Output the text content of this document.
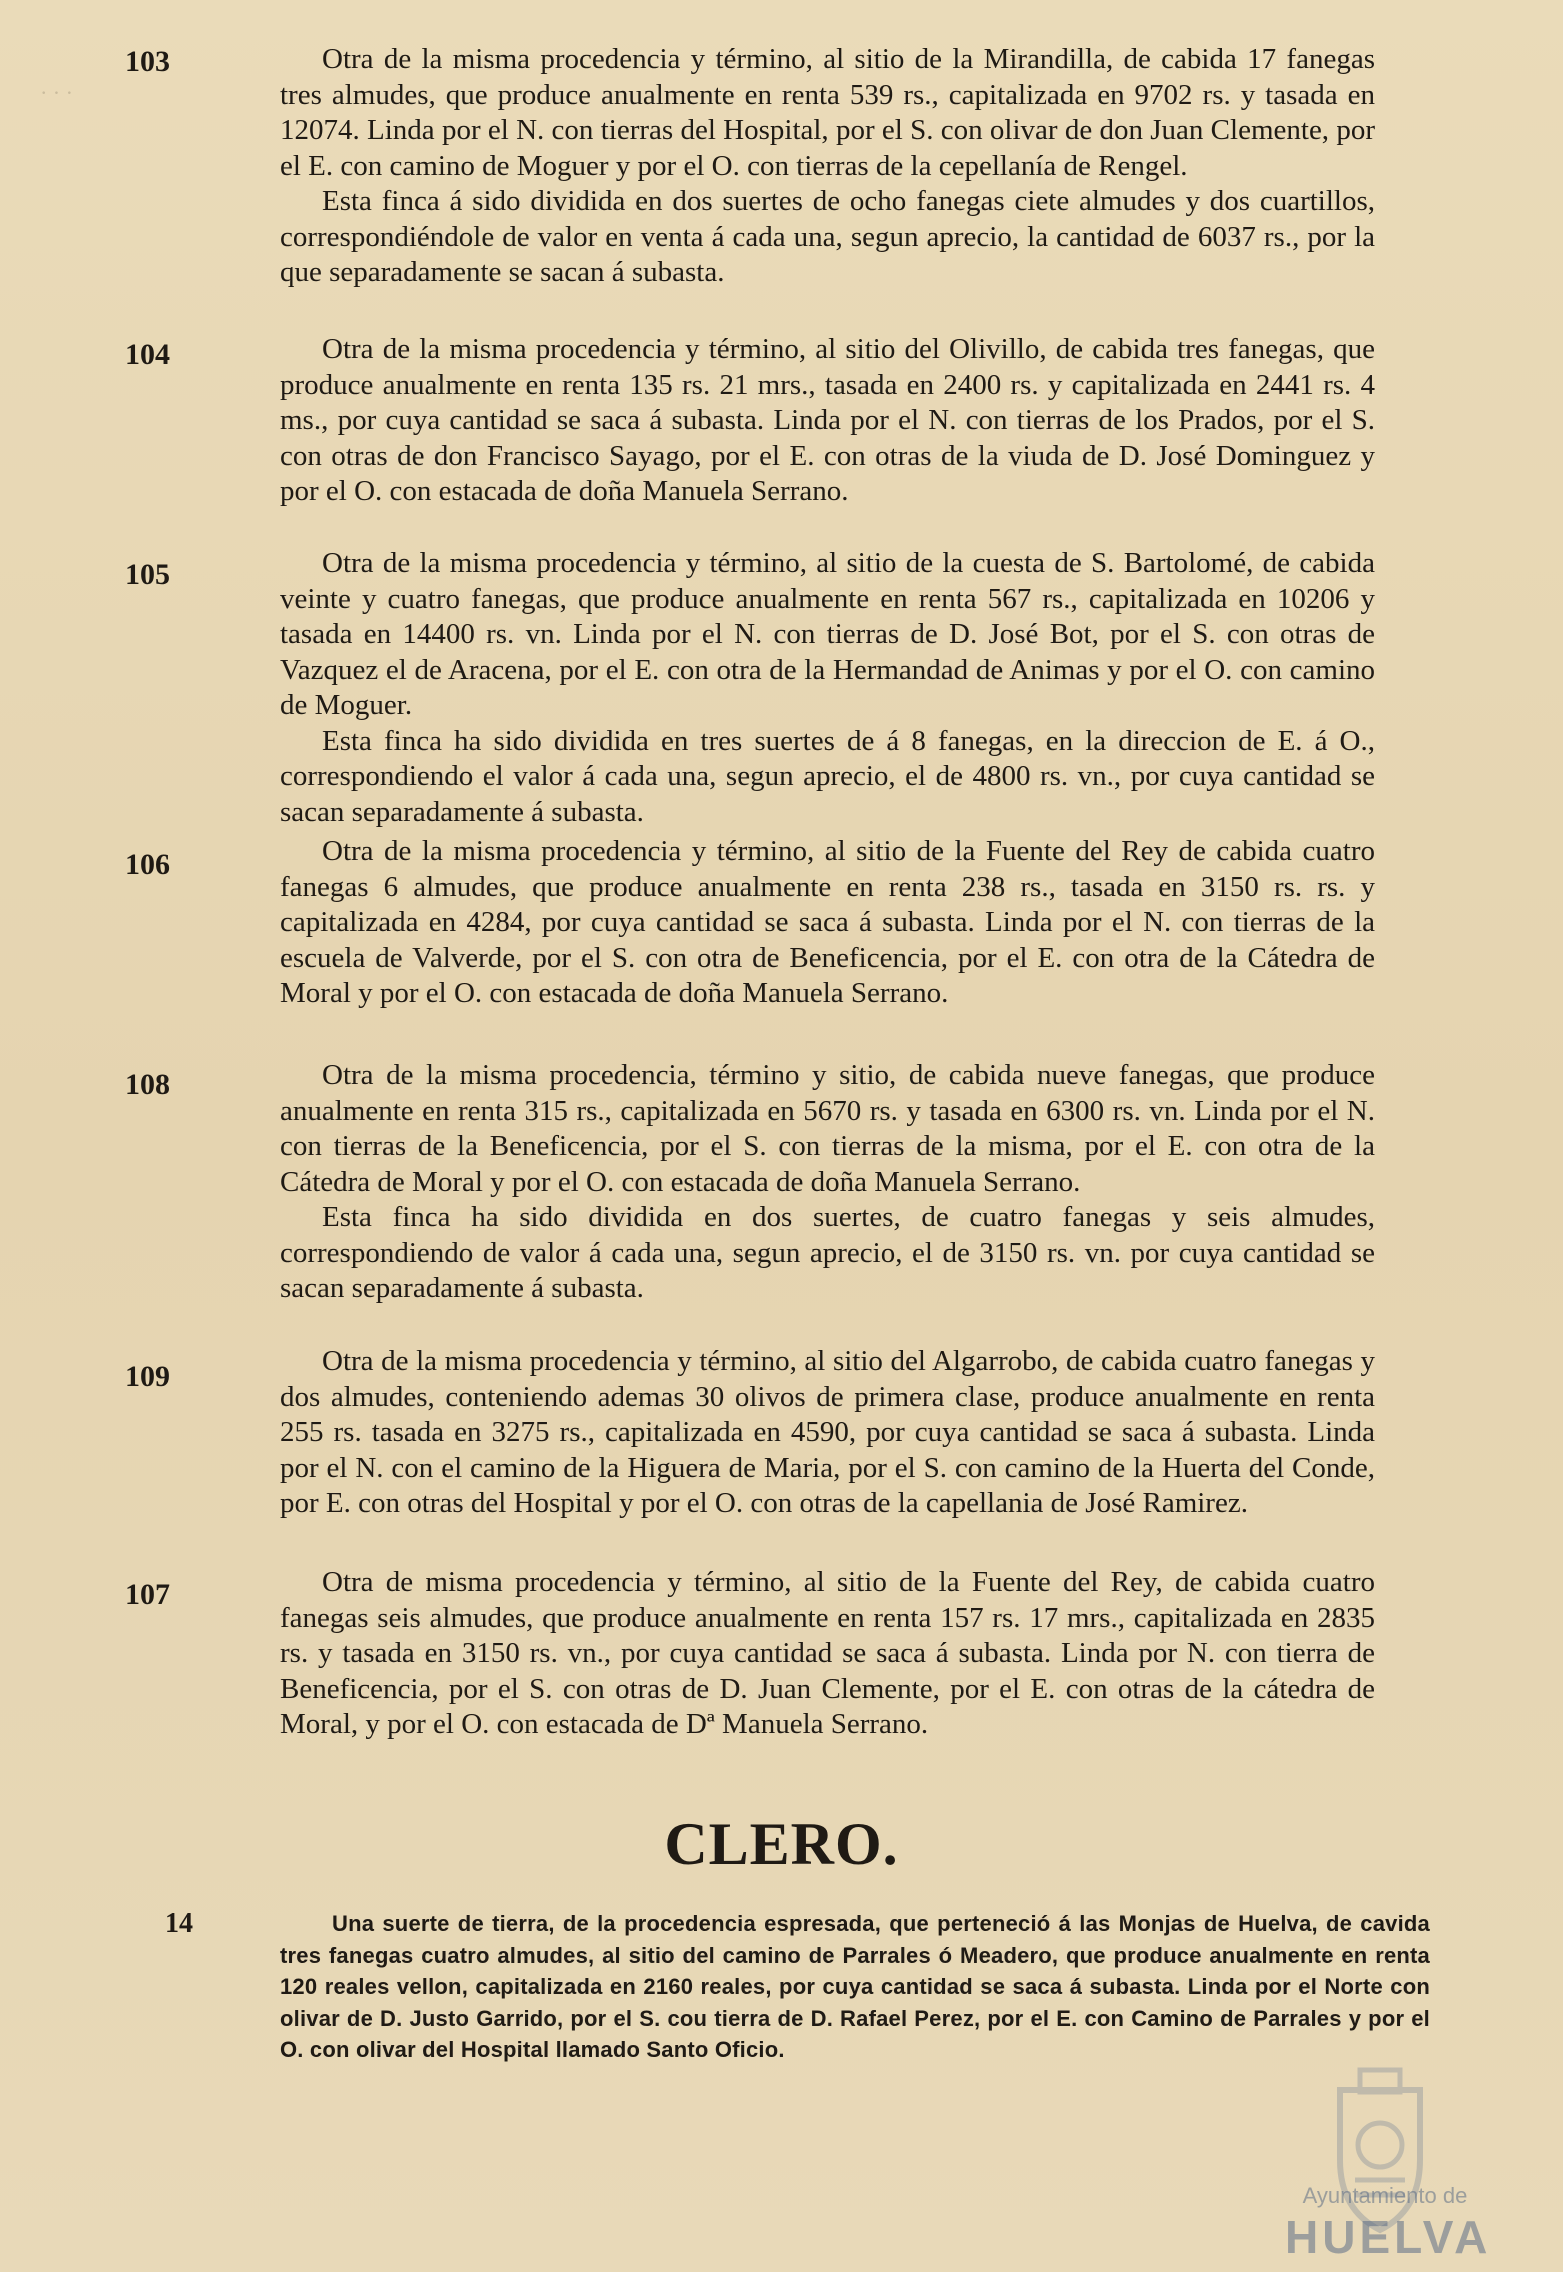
· · ·
103	Otra de la misma procedencia y término, al sitio de la Mirandilla, de cabida 17 fanegas tres almudes, que produce anualmente en renta 539 rs., capitalizada en 9702 rs. y tasada en 12074. Linda por el N. con tierras del Hospital, por el S. con olivar de don Juan Clemente, por el E. con camino de Moguer y por el O. con tierras de la cepellanía de Rengel.

Esta finca á sido dividida en dos suertes de ocho fanegas ciete almudes y dos cuartillos, correspondiéndole de valor en venta á cada una, segun aprecio, la cantidad de 6037 rs., por la que separadamente se sacan á subasta.

104	Otra de la misma procedencia y término, al sitio del Olivillo, de cabida tres fanegas, que produce anualmente en renta 135 rs. 21 mrs., tasada en 2400 rs. y capitalizada en 2441 rs. 4 ms., por cuya cantidad se saca á subasta. Linda por el N. con tierras de los Prados, por el S. con otras de don Francisco Sayago, por el E. con otras de la viuda de D. José Dominguez y por el O. con estacada de doña Manuela Serrano.

105	Otra de la misma procedencia y término, al sitio de la cuesta de S. Bartolomé, de cabida veinte y cuatro fanegas, que produce anualmente en renta 567 rs., capitalizada en 10206 y tasada en 14400 rs. vn. Linda por el N. con tierras de D. José Bot, por el S. con otras de Vazquez el de Aracena, por el E. con otra de la Hermandad de Animas y por el O. con camino de Moguer.

Esta finca ha sido dividida en tres suertes de á 8 fanegas, en la direccion de E. á O., correspondiendo el valor á cada una, segun aprecio, el de 4800 rs. vn., por cuya cantidad se sacan separadamente á subasta.

106	Otra de la misma procedencia y término, al sitio de la Fuente del Rey de cabida cuatro fanegas 6 almudes, que produce anualmente en renta 238 rs., tasada en 3150 rs. rs. y capitalizada en 4284, por cuya cantidad se saca á subasta. Linda por el N. con tierras de la escuela de Valverde, por el S. con otra de Beneficencia, por el E. con otra de la Cátedra de Moral y por el O. con estacada de doña Manuela Serrano.

108	Otra de la misma procedencia, término y sitio, de cabida nueve fanegas, que produce anualmente en renta 315 rs., capitalizada en 5670 rs. y tasada en 6300 rs. vn. Linda por el N. con tierras de la Beneficencia, por el S. con tierras de la misma, por el E. con otra de la Cátedra de Moral y por el O. con estacada de doña Manuela Serrano.

Esta finca ha sido dividida en dos suertes, de cuatro fanegas y seis almudes, correspondiendo de valor á cada una, segun aprecio, el de 3150 rs. vn. por cuya cantidad se sacan separadamente á subasta.

109	Otra de la misma procedencia y término, al sitio del Algarrobo, de cabida cuatro fanegas y dos almudes, conteniendo ademas 30 olivos de primera clase, produce anualmente en renta 255 rs. tasada en 3275 rs., capitalizada en 4590, por cuya cantidad se saca á subasta. Linda por el N. con el camino de la Higuera de Maria, por el S. con camino de la Huerta del Conde, por E. con otras del Hospital y por el O. con otras de la capellania de José Ramirez.

107	Otra de misma procedencia y término, al sitio de la Fuente del Rey, de cabida cuatro fanegas seis almudes, que produce anualmente en renta 157 rs. 17 mrs., capitalizada en 2835 rs. y tasada en 3150 rs. vn., por cuya cantidad se saca á subasta. Linda por N. con tierra de Beneficencia, por el S. con otras de D. Juan Clemente, por el E. con otras de la cátedra de Moral, y por el O. con estacada de Dª Manuela Serrano.

CLERO.
14	Una suerte de tierra, de la procedencia espresada, que perteneció á las Monjas de Huelva, de cavida tres fanegas cuatro almudes, al sitio del camino de Parrales ó Meadero, que produce anualmente en renta 120 reales vellon, capitalizada en 2160 reales, por cuya cantidad se saca á subasta. Linda por el Norte con olivar de D. Justo Garrido, por el S. cou tierra de D. Rafael Perez, por el E. con Camino de Parrales y por el O. con olivar del Hospital llamado Santo Oficio.
Ayuntamiento de
HUELVA
